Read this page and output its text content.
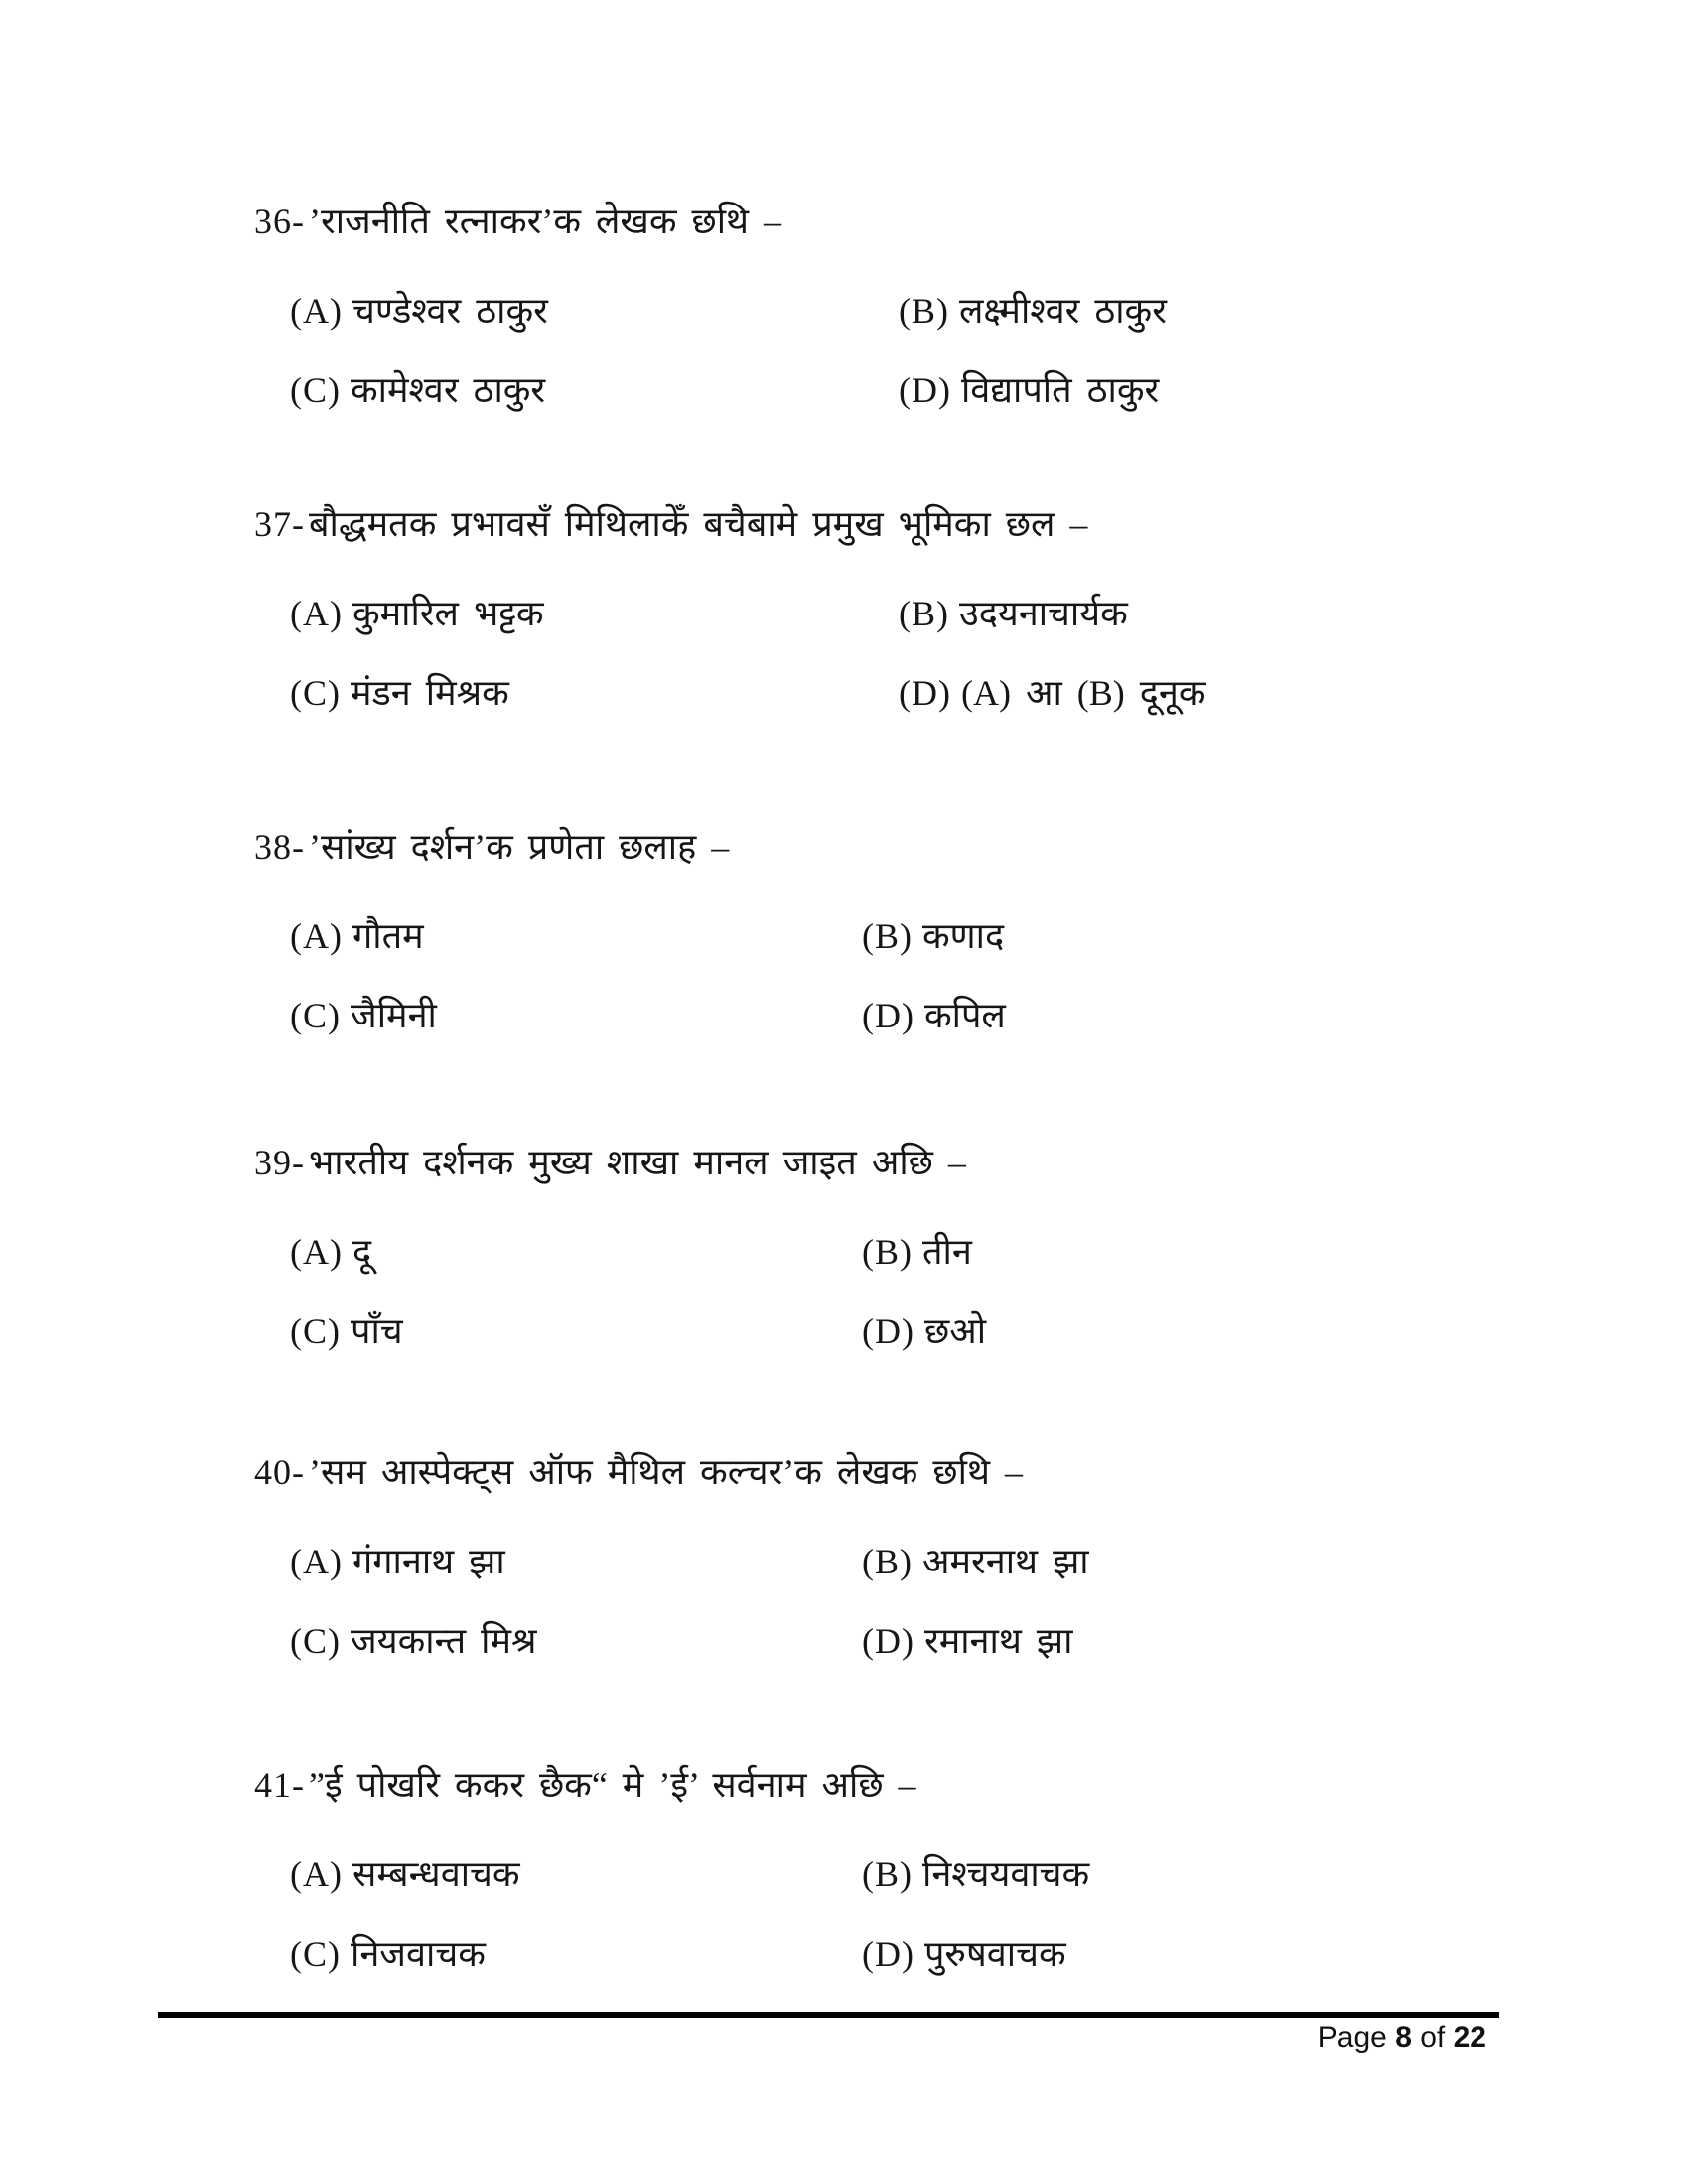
36- ’राजनीति रत्नाकर’क लेखक छथि –
(A) चण्डेश्वर ठाकुर	(B) लक्ष्मीश्वर ठाकुर
(C) कामेश्वर ठाकुर	(D) विद्यापति ठाकुर
37- बौद्धमतक प्रभावसँ मिथिलाकेँ बचैबामे प्रमुख भूमिका छल –
(A) कुमारिल भट्टक	(B) उदयनाचार्यक
(C) मंडन मिश्रक	(D) (A) आ (B) दूनूक
38- ’सांख्य दर्शन’क प्रणेता छलाह –
(A) गौतम	(B) कणाद
(C) जैमिनी	(D) कपिल
39- भारतीय दर्शनक मुख्य शाखा मानल जाइत अछि –
(A) दू	(B) तीन
(C) पाँच	(D) छओ
40- ’सम आस्पेक्ट्स ऑफ मैथिल कल्चर’क लेखक छथि –
(A) गंगानाथ झा	(B) अमरनाथ झा
(C) जयकान्त मिश्र	(D) रमानाथ झा
41- ”ई पोखरि ककर छैक“ मे ’ई’ सर्वनाम अछि –
(A) सम्बन्धवाचक	(B) निश्चयवाचक
(C) निजवाचक	(D) पुरुषवाचक
Page 8 of 22
